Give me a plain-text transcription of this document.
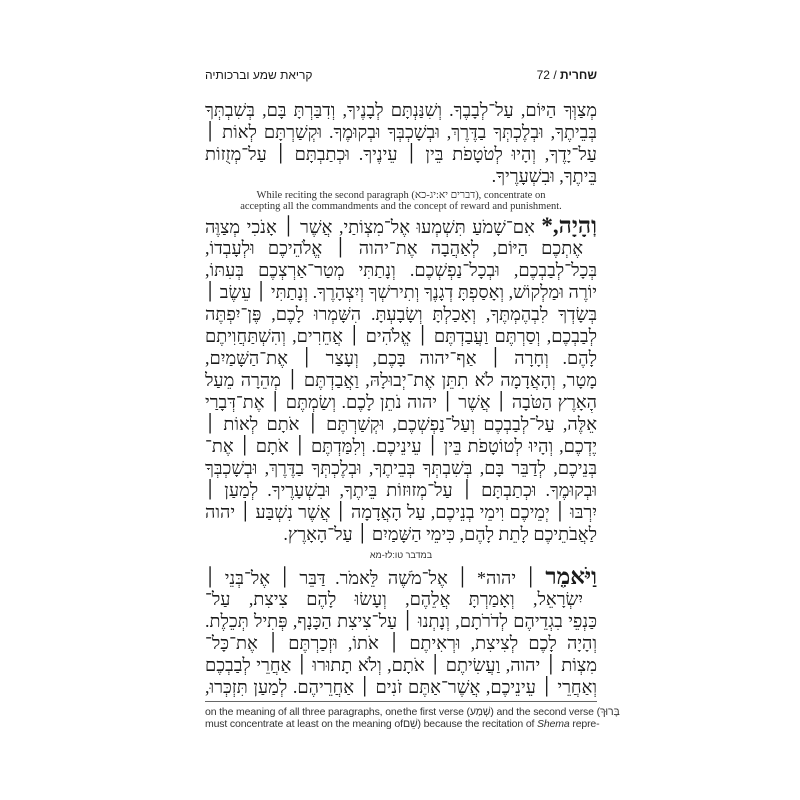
קריאת שמע וברכותיה	שחרית / 72
מְצַוְּךָ הַיּוֹם, עַל־לְבָבֶךָ. וְשִׁנַּנְתָּם לְבָנֶיךָ, וְדִבַּרְתָּ בָּם, בְּשִׁבְתְּךָ
בְּבֵיתֶךָ, וּבְלֶכְתְּךָ בַדֶּרֶךְ, וּבְשָׁכְבְּךָ וּבְקוּמֶךָ. וּקְשַׁרְתָּם לְאוֹת ׀
עַל־יָדֶךָ, וְהָיוּ לְטֹטָפֹת בֵּין ׀ עֵינֶיךָ. וּכְתַבְתָּם ׀ עַל־מְזֻזוֹת
בֵּיתֶךָ, וּבִשְׁעָרֶיךָ.
While reciting the second paragraph (דברים יא:יג-כא), concentrate on
accepting all the commandments and the concept of reward and punishment.
וְהָיָה,* אִם־שָׁמֹעַ תִּשְׁמְעוּ אֶל־מִצְוֹתַי, אֲשֶׁר ׀ אָנֹכִי מְצַוֶּה
אֶתְכֶם הַיּוֹם, לְאַהֲבָה אֶת־יהוה ׀ אֱלֹהֵיכֶם וּלְעָבְדוֹ,
בְּכָל־לְבַבְכֶם, וּבְכָל־נַפְשְׁכֶם. וְנָתַתִּי מְטַר־אַרְצְכֶם בְּעִתּוֹ,
יוֹרֶה וּמַלְקוֹשׁ, וְאָסַפְתָּ דְגָנֶךָ וְתִירשְׁךָ וְיִצְהָרֶךָ. וְנָתַתִּי ׀ עֵשֶׂב ׀
בְּשָׂדְךָ לִבְהֶמְתֶּךָ, וְאָכַלְתָּ וְשָׂבָעְתָּ. הִשָּׁמְרוּ לָכֶם, פֶּן־יִפְתֶּה
לְבַבְכֶם, וְסַרְתֶּם וַעֲבַדְתֶּם ׀ אֱלֹהִים ׀ אֲחֵרִים, וְהִשְׁתַּחֲוִיתֶם
לָהֶם. וְחָרָה ׀ אַף־יהוה בָּכֶם, וְעָצַר ׀ אֶת־הַשָּׁמַיִם,
מָטָר, וְהָאֲדָמָה לֹא תִתֵּן אֶת־יְבוּלָהּ, וַאֲבַדְתֶּם ׀ מְהֵרָה מֵעַל
הָאָרֶץ הַטֹּבָה ׀ אֲשֶׁר ׀ יהוה נֹתֵן לָכֶם. וְשַׂמְתֶּם ׀ אֶת־דְּבָרַי
אֵלֶּה, עַל־לְבַבְכֶם וְעַל־נַפְשְׁכֶם, וּקְשַׁרְתֶּם ׀ אֹתָם לְאוֹת ׀
יֶדְכֶם, וְהָיוּ לְטוֹטָפֹת בֵּין ׀ עֵינֵיכֶם. וְלִמַּדְתֶּם ׀ אֹתָם ׀ אֶת־
בְּנֵיכֶם, לְדַבֵּר בָּם, בְּשִׁבְתְּךָ בְּבֵיתֶךָ, וּבְלֶכְתְּךָ בַדֶּרֶךְ, וּבְשָׁכְבְּךָ
וּבְקוּמֶךָ. וּכְתַבְתָּם ׀ עַל־מְזוּזוֹת בֵּיתֶךָ, וּבִשְׁעָרֶיךָ. לְמַעַן ׀
יִרְבּוּ ׀ יְמֵיכֶם וִימֵי בְנֵיכֶם, עַל הָאֲדָמָה ׀ אֲשֶׁר נִשְׁבַּע ׀ יהוה
לַאֲבֹתֵיכֶם לָתֵת לָהֶם, כִּימֵי הַשָּׁמַיִם ׀ עַל־הָאָרֶץ.
במדבר טו:לז-מא
וַיֹּאמֶר ׀ יהוה* ׀ אֶל־מֹשֶׁה לֵּאמֹר. דַּבֵּר ׀ אֶל־בְּנֵי ׀
יִשְׂרָאֵל, וְאָמַרְתָּ אֲלֵהֶם, וְעָשׂוּ לָהֶם צִיצִת, עַל־
כַּנְפֵי בִגְדֵיהֶם לְדֹרֹתָם, וְנָתְנוּ ׀ עַל־צִיצִת הַכָּנָף, פְּתִיל תְּכֵלֶת.
וְהָיָה לָכֶם לְצִיצִת, וּרְאִיתֶם ׀ אֹתוֹ, וּזְכַרְתֶּם ׀ אֶת־כָּל־
מִצְוֹת ׀ יהוה, וַעֲשִׂיתֶם ׀ אֹתָם, וְלֹא תָתוּרוּ ׀ אַחֲרֵי לְבַבְכֶם
וְאַחֲרֵי ׀ עֵינֵיכֶם, אֲשֶׁר־אַתֶּם זֹנִים ׀ אַחֲרֵיהֶם. לְמַעַן תִּזְכְּרוּ,
on the meaning of all three paragraphs, one
must concentrate at least on the meaning of
the first verse (שְׁמַע) and the second verse (בָּרוּךְ
שֵׁם) because the recitation of Shema repre-
